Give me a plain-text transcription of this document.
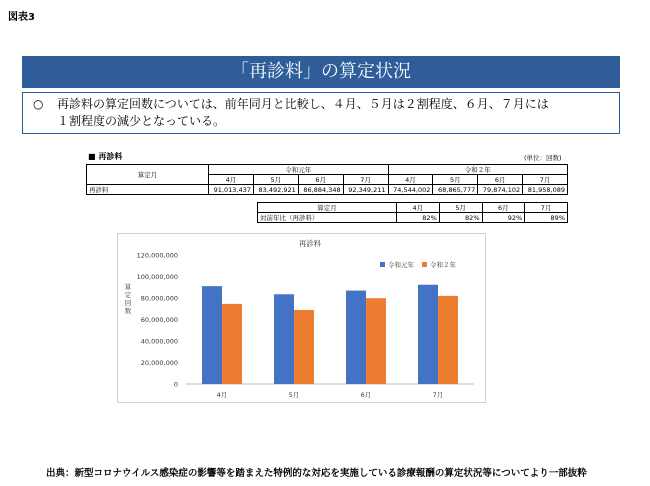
図表3
「再診料」の算定状況
○ 再診料の算定回数については、前年同月と比較し、４月、５月は２割程度、６月、７月には
１割程度の減少となっている。
■ 再診料	(単位：回数)
算定月	令和元年				令和２年			
	4月	5月	6月	7月	4月	5月	6月	7月
再診料	91,013,437	83,492,921	86,884,348	92,349,211	74,544,002	68,865,777	79,874,102	81,958,089
算定月	4月	5月	6月	7月
対前年比（再診料）	82%	82%	92%	89%
再診料
0
20,000,000
40,000,000
60,000,000
80,000,000
100,000,000
120,000,000
算
定
回
数
4月	5月	6月	7月
令和元年 令和２年
出典：新型コロナウイルス感染症の影響等を踏まえた特例的な対応を実施している診療報酬の算定状況等についてより一部抜粋
